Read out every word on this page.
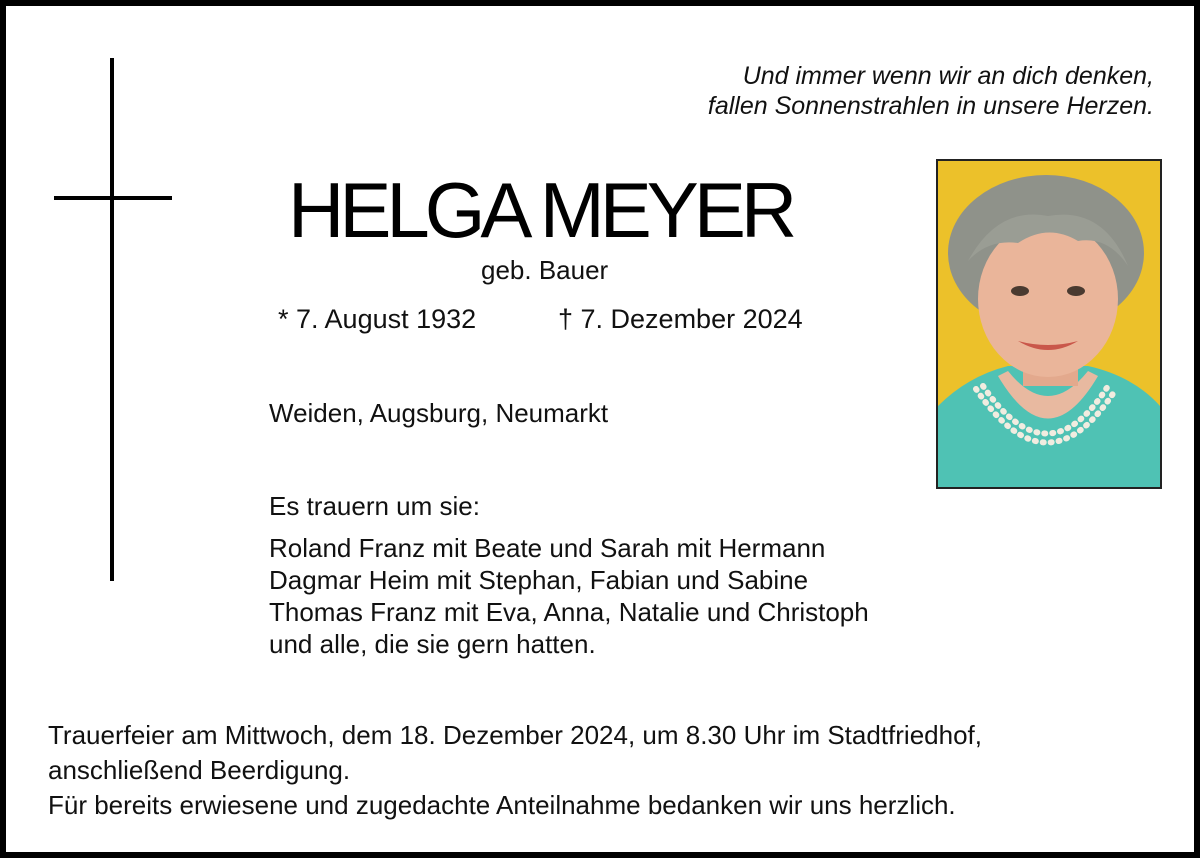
Und immer wenn wir an dich denken,
fallen Sonnenstrahlen in unsere Herzen.
HELGA MEYER
geb. Bauer
* 7. August 1932	† 7. Dezember 2024
Weiden, Augsburg, Neumarkt
Es trauern um sie:
Roland Franz mit Beate und Sarah mit Hermann
Dagmar Heim mit Stephan, Fabian und Sabine
Thomas Franz mit Eva, Anna, Natalie und Christoph
und alle, die sie gern hatten.
Trauerfeier am Mittwoch, dem 18. Dezember 2024, um 8.30 Uhr im Stadtfriedhof,
anschließend Beerdigung.
Für bereits erwiesene und zugedachte Anteilnahme bedanken wir uns herzlich.
